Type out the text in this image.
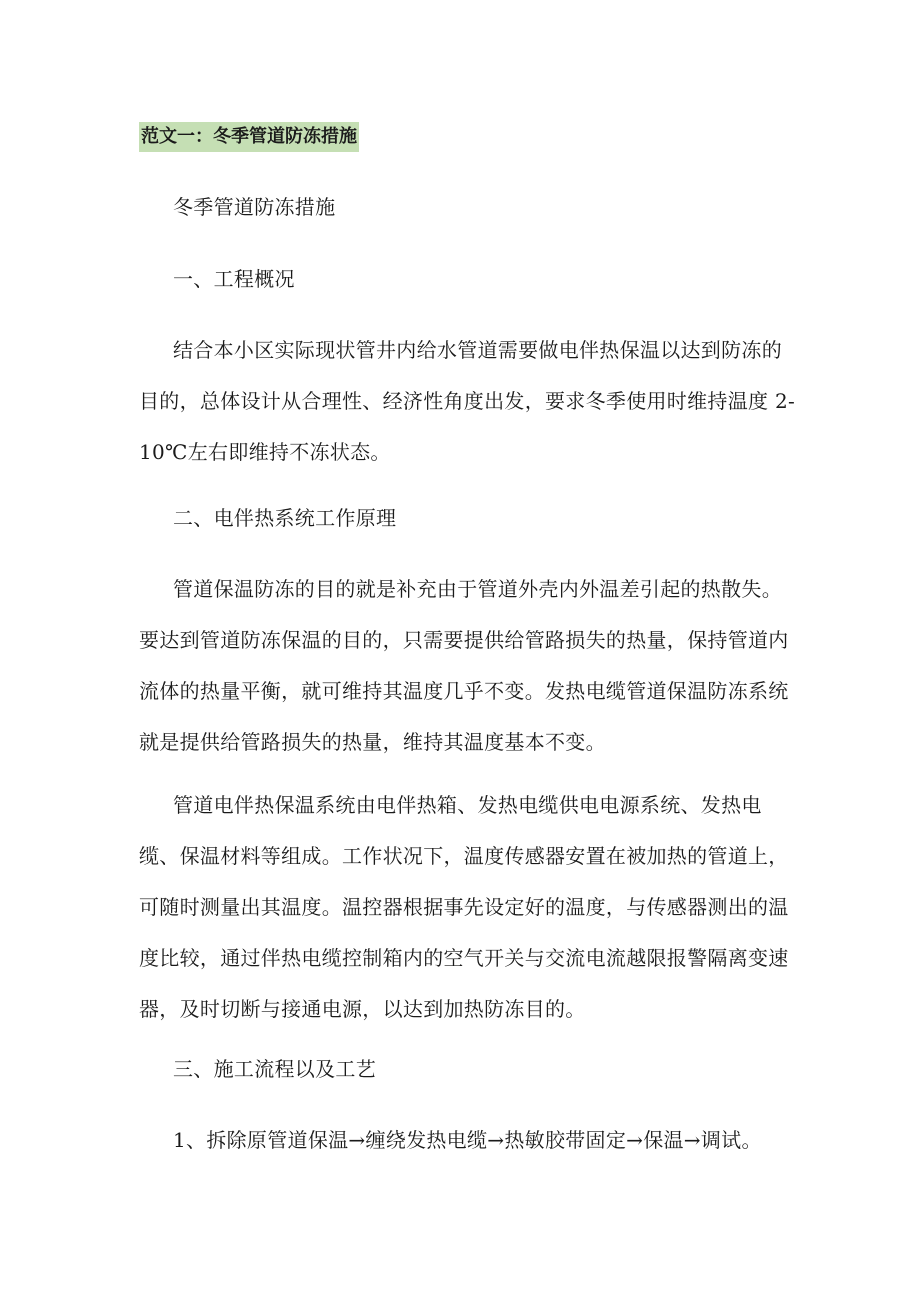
范文一：冬季管道防冻措施

冬季管道防冻措施

一、工程概况

结合本小区实际现状管井内给水管道需要做电伴热保温以达到防冻的目的，总体设计从合理性、经济性角度出发，要求冬季使用时维持温度 2-10℃左右即维持不冻状态。

二、电伴热系统工作原理

管道保温防冻的目的就是补充由于管道外壳内外温差引起的热散失。要达到管道防冻保温的目的，只需要提供给管路损失的热量，保持管道内流体的热量平衡，就可维持其温度几乎不变。发热电缆管道保温防冻系统就是提供给管路损失的热量，维持其温度基本不变。

管道电伴热保温系统由电伴热箱、发热电缆供电电源系统、发热电缆、保温材料等组成。工作状况下，温度传感器安置在被加热的管道上，可随时测量出其温度。温控器根据事先设定好的温度，与传感器测出的温度比较，通过伴热电缆控制箱内的空气开关与交流电流越限报警隔离变速器，及时切断与接通电源，以达到加热防冻目的。

三、施工流程以及工艺

1、拆除原管道保温→缠绕发热电缆→热敏胶带固定→保温→调试。
